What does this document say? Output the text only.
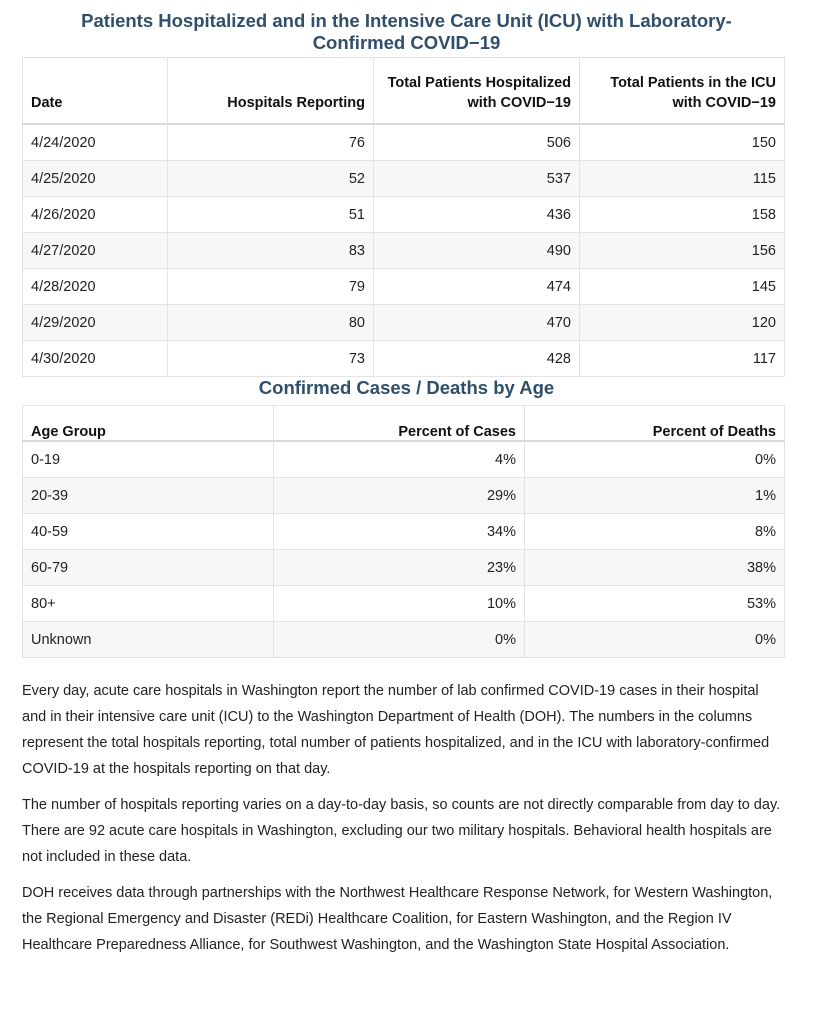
Patients Hospitalized and in the Intensive Care Unit (ICU) with Laboratory-Confirmed COVID−19
Date	Hospitals Reporting	Total Patients Hospitalized with COVID−19	Total Patients in the ICU with COVID−19
4/24/2020	76	506	150
4/25/2020	52	537	115
4/26/2020	51	436	158
4/27/2020	83	490	156
4/28/2020	79	474	145
4/29/2020	80	470	120
4/30/2020	73	428	117
Confirmed Cases / Deaths by Age
Age Group	Percent of Cases	Percent of Deaths
0-19	4%	0%
20-39	29%	1%
40-59	34%	8%
60-79	23%	38%
80+	10%	53%
Unknown	0%	0%

Every day, acute care hospitals in Washington report the number of lab confirmed COVID-19 cases in their hospital and in their intensive care unit (ICU) to the Washington Department of Health (DOH). The numbers in the columns represent the total hospitals reporting, total number of patients hospitalized, and in the ICU with laboratory-confirmed COVID-19 at the hospitals reporting on that day.

The number of hospitals reporting varies on a day-to-day basis, so counts are not directly comparable from day to day. There are 92 acute care hospitals in Washington, excluding our two military hospitals. Behavioral health hospitals are not included in these data.

DOH receives data through partnerships with the Northwest Healthcare Response Network, for Western Washington, the Regional Emergency and Disaster (REDi) Healthcare Coalition, for Eastern Washington, and the Region IV Healthcare Preparedness Alliance, for Southwest Washington, and the Washington State Hospital Association.
